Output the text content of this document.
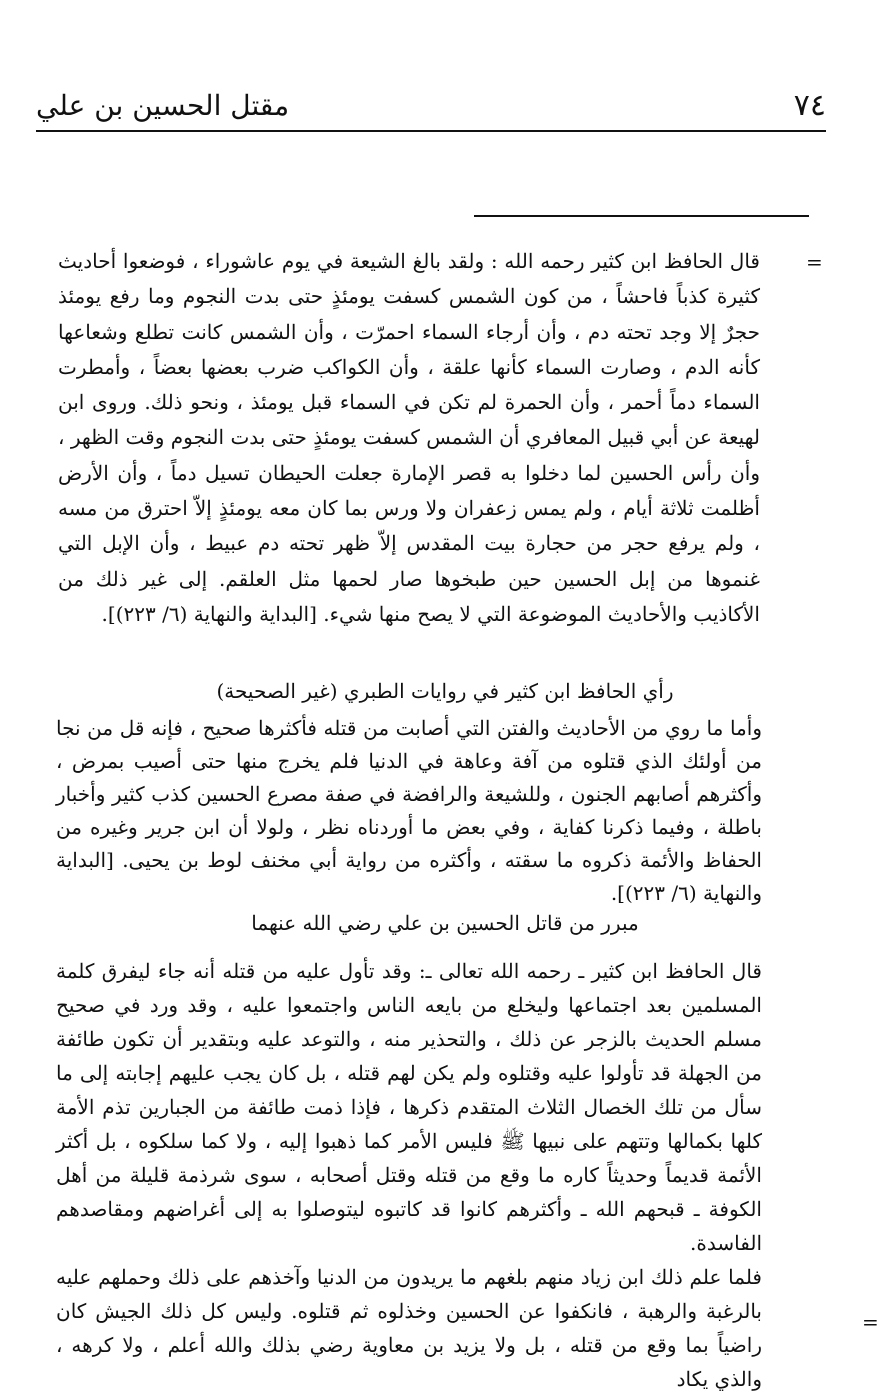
٧٤
مقتل الحسين بن علي
=
قال الحافظ ابن كثير رحمه الله : ولقد بالغ الشيعة في يوم عاشوراء ، فوضعوا أحاديث كثيرة كذباً فاحشاً ، من كون الشمس كسفت يومئذٍ حتى بدت النجوم وما رفع يومئذ حجرٌ إلا وجد تحته دم ، وأن أرجاء السماء احمرّت ، وأن الشمس كانت تطلع وشعاعها كأنه الدم ، وصارت السماء كأنها علقة ، وأن الكواكب ضرب بعضها بعضاً ، وأمطرت السماء دماً أحمر ، وأن الحمرة لم تكن في السماء قبل يومئذ ، ونحو ذلك. وروى ابن لهيعة عن أبي قبيل المعافري أن الشمس كسفت يومئذٍ حتى بدت النجوم وقت الظهر ، وأن رأس الحسين لما دخلوا به قصر الإمارة جعلت الحيطان تسيل دماً ، وأن الأرض أظلمت ثلاثة أيام ، ولم يمس زعفران ولا ورس بما كان معه يومئذٍ إلاّ احترق من مسه ، ولم يرفع حجر من حجارة بيت المقدس إلاّ ظهر تحته دم عبيط ، وأن الإبل التي غنموها من إبل الحسين حين طبخوها صار لحمها مثل العلقم. إلى غير ذلك من الأكاذيب والأحاديث الموضوعة التي لا يصح منها شيء. [البداية والنهاية (٦/ ٢٢٣)].
رأي الحافظ ابن كثير في روايات الطبري (غير الصحيحة)
وأما ما روي من الأحاديث والفتن التي أصابت من قتله فأكثرها صحيح ، فإنه قل من نجا من أولئك الذي قتلوه من آفة وعاهة في الدنيا فلم يخرج منها حتى أصيب بمرض ، وأكثرهم أصابهم الجنون ، وللشيعة والرافضة في صفة مصرع الحسين كذب كثير وأخبار باطلة ، وفيما ذكرنا كفاية ، وفي بعض ما أوردناه نظر ، ولولا أن ابن جرير وغيره من الحفاظ والأئمة ذكروه ما سقته ، وأكثره من رواية أبي مخنف لوط بن يحيى. [البداية والنهاية (٦/ ٢٢٣)].
مبرر من قاتل الحسين بن علي رضي الله عنهما

قال الحافظ ابن كثير ـ رحمه الله تعالى ـ: وقد تأول عليه من قتله أنه جاء ليفرق كلمة المسلمين بعد اجتماعها وليخلع من بايعه الناس واجتمعوا عليه ، وقد ورد في صحيح مسلم الحديث بالزجر عن ذلك ، والتحذير منه ، والتوعد عليه وبتقدير أن تكون طائفة من الجهلة قد تأولوا عليه وقتلوه ولم يكن لهم قتله ، بل كان يجب عليهم إجابته إلى ما سأل من تلك الخصال الثلاث المتقدم ذكرها ، فإذا ذمت طائفة من الجبارين تذم الأمة كلها بكمالها وتتهم على نبيها ﷺ فليس الأمر كما ذهبوا إليه ، ولا كما سلكوه ، بل أكثر الأئمة قديماً وحديثاً كاره ما وقع من قتله وقتل أصحابه ، سوى شرذمة قليلة من أهل الكوفة ـ قبحهم الله ـ وأكثرهم كانوا قد كاتبوه ليتوصلوا به إلى أغراضهم ومقاصدهم الفاسدة.

فلما علم ذلك ابن زياد منهم بلغهم ما يريدون من الدنيا وآخذهم على ذلك وحملهم عليه بالرغبة والرهبة ، فانكفوا عن الحسين وخذلوه ثم قتلوه. وليس كل ذلك الجيش كان راضياً بما وقع من قتله ، بل ولا يزيد بن معاوية رضي بذلك والله أعلم ، ولا كرهه ، والذي يكاد

=
